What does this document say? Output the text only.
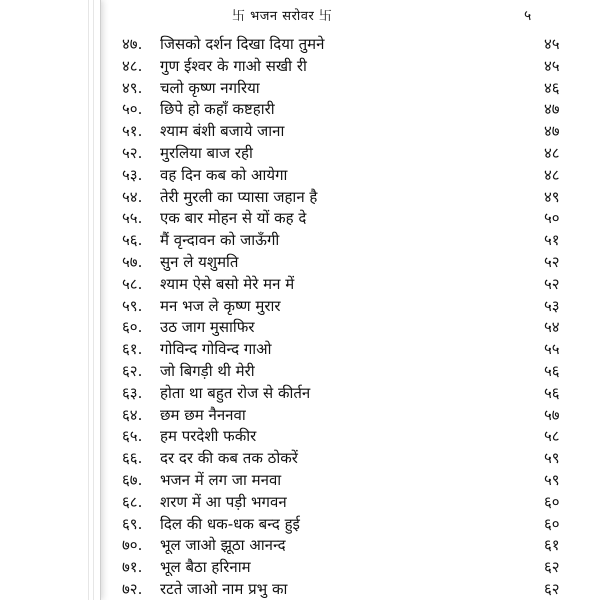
卐 भजन सरोवर 卐	५
४७. जिसको दर्शन दिखा दिया तुमने	४५
४८. गुण ईश्वर के गाओ सखी री	४५
४९. चलो कृष्ण नगरिया	४६
५०. छिपे हो कहाँ कष्टहारी	४७
५१. श्याम बंशी बजाये जाना	४७
५२. मुरलिया बाज रही	४८
५३. वह दिन कब को आयेगा	४८
५४. तेरी मुरली का प्यासा जहान है	४९
५५. एक बार मोहन से यों कह दे	५०
५६. मैं वृन्दावन को जाऊँगी	५१
५७. सुन ले यशुमति	५२
५८. श्याम ऐसे बसो मेरे मन में	५२
५९. मन भज ले कृष्ण मुरार	५३
६०. उठ जाग मुसाफिर	५४
६१. गोविन्द गोविन्द गाओ	५५
६२. जो बिगड़ी थी मेरी	५६
६३. होता था बहुत रोज से कीर्तन	५६
६४. छम छम नैननवा	५७
६५. हम परदेशी फकीर	५८
६६. दर दर की कब तक ठोकरें	५९
६७. भजन में लग जा मनवा	५९
६८. शरण में आ पड़ी भगवन	६०
६९. दिल की धक-धक बन्द हुई	६०
७०. भूल जाओ झूठा आनन्द	६१
७१. भूल बैठा हरिनाम	६२
७२. रटते जाओ नाम प्रभु का	६२
